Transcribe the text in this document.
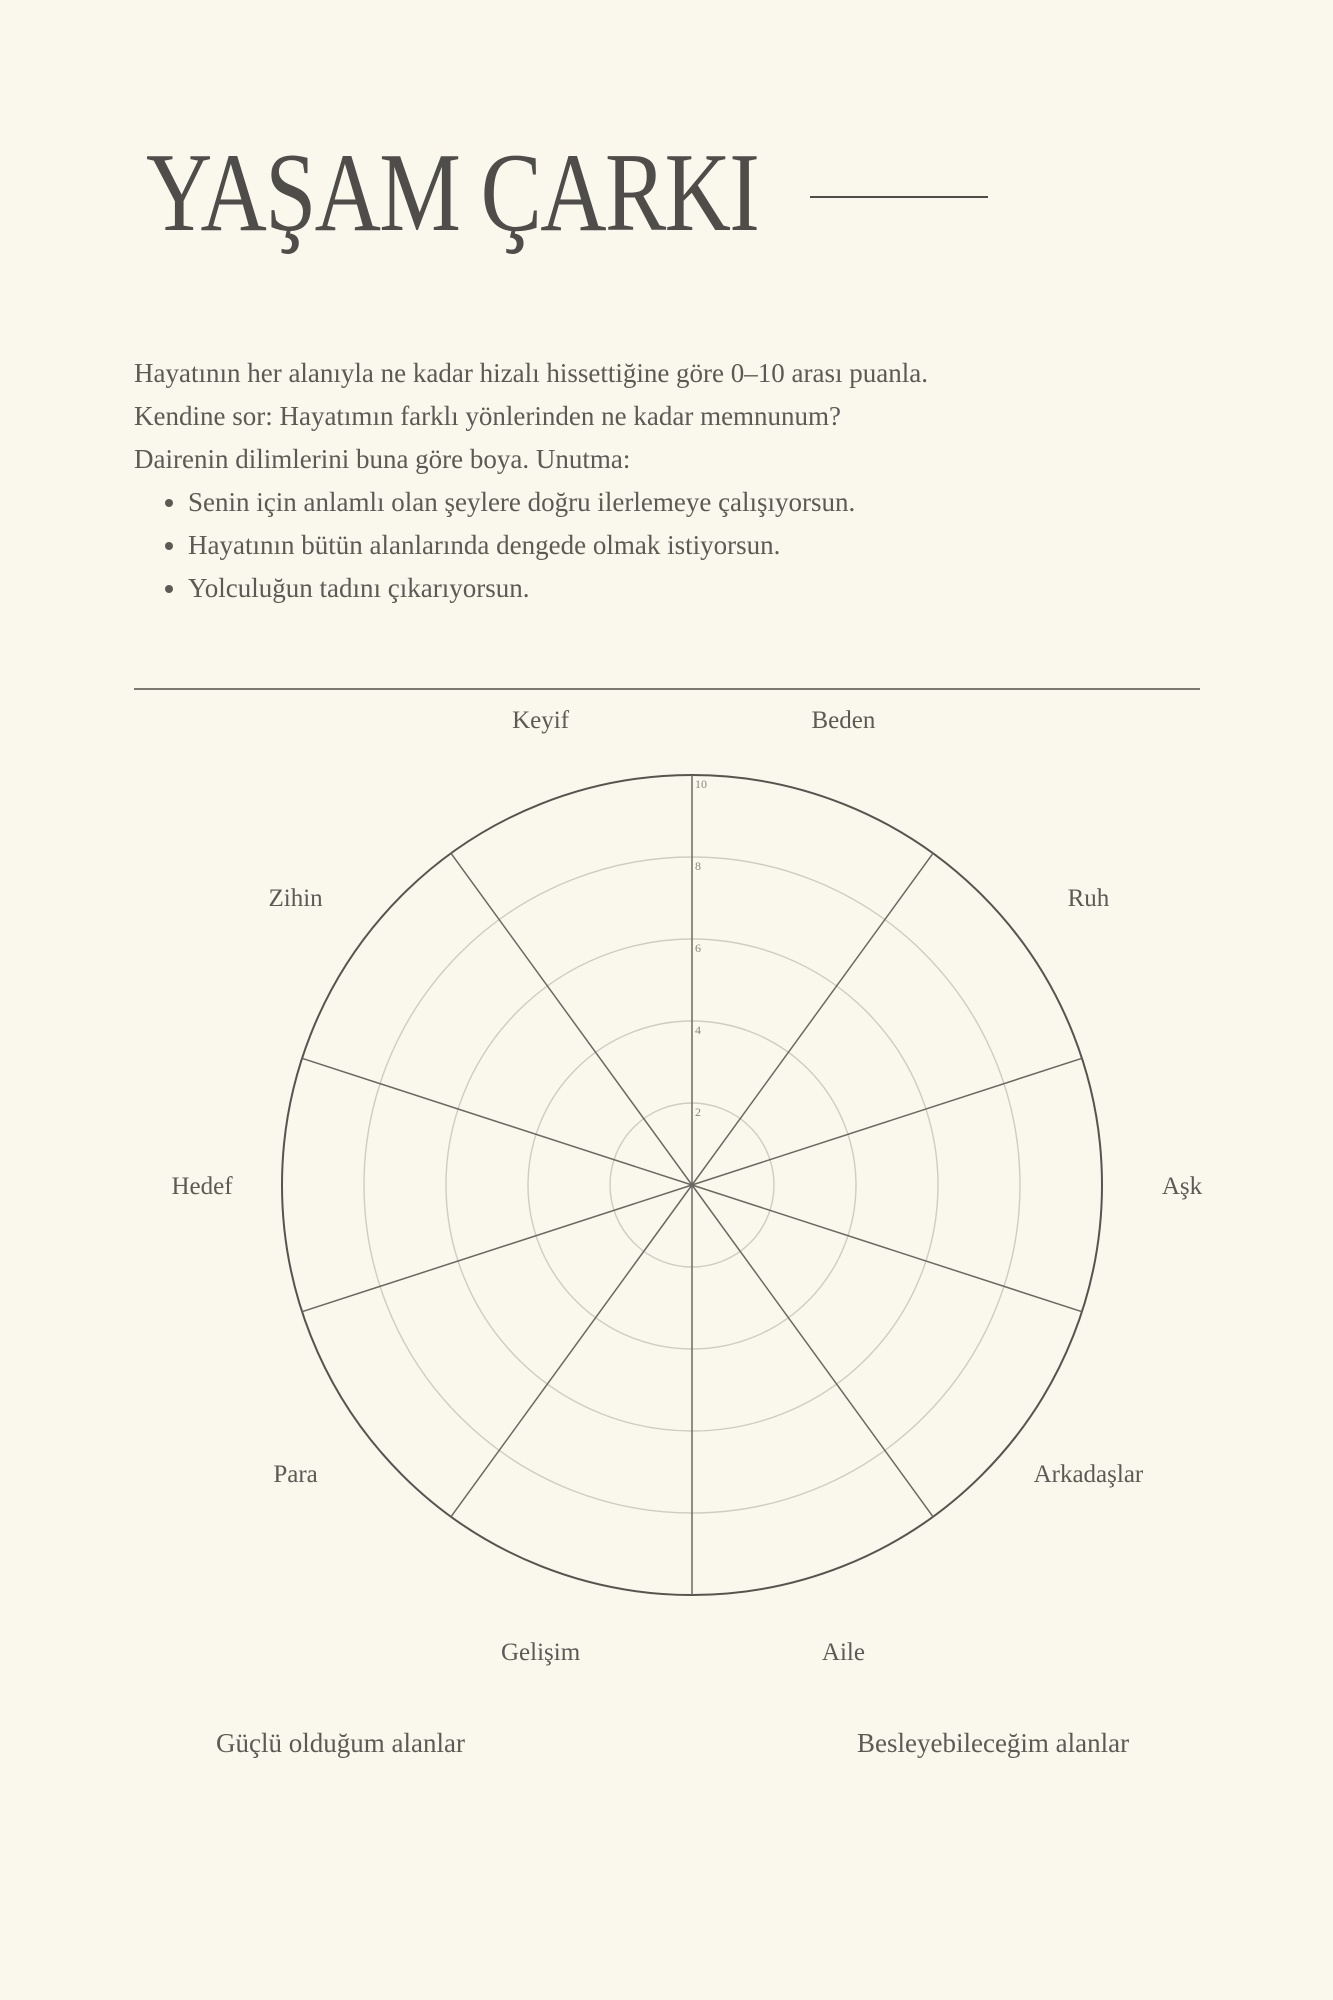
YAŞAM ÇARKI

Hayatının her alanıyla ne kadar hizalı hissettiğine göre 0–10 arası puanla.

Kendine sor: Hayatımın farklı yönlerinden ne kadar memnunum?

Dairenin dilimlerini buna göre boya. Unutma:

• Senin için anlamlı olan şeylere doğru ilerlemeye çalışıyorsun.
• Hayatının bütün alanlarında dengede olmak istiyorsun.
• Yolculuğun tadını çıkarıyorsun.
2
4
6
8
10
Beden
Ruh
Aşk
Arkadaşlar
Aile
Gelişim
Para
Hedef
Zihin
Keyif
Güçlü olduğum alanlar	Besleyebileceğim alanlar
